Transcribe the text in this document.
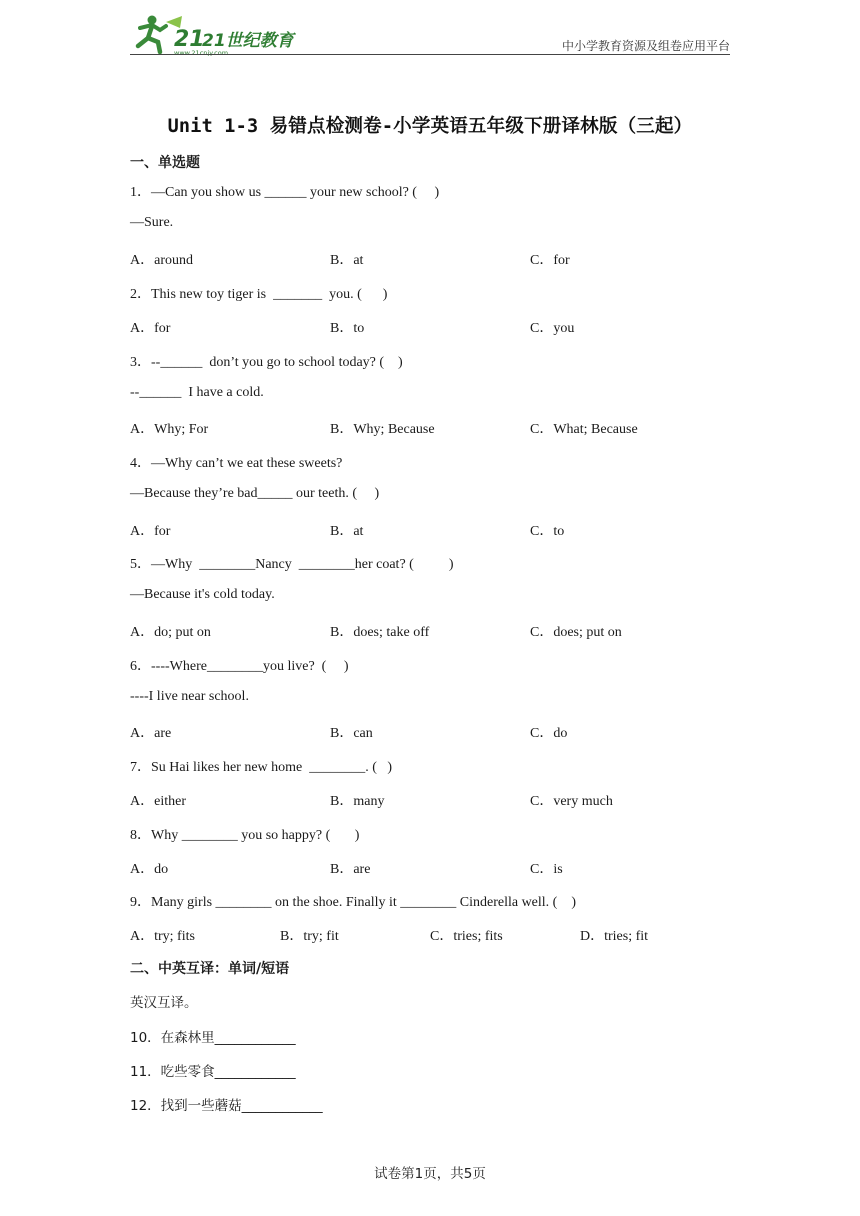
21
www.21cnjy.com
21世纪教育	中小学教育资源及组卷应用平台
Unit 1-3 易错点检测卷-小学英语五年级下册译林版（三起）
一、单选题
1．—Can you show us ______ your new school? (     )
—Sure.
A．around	B．at	C．for
2．This new toy tiger is  _______  you. (      )
A．for	B．to	C．you
3．--______  don’t you go to school today? (    )
--______  I have a cold.
A．Why; For	B．Why; Because	C．What; Because
4．—Why can’t we eat these sweets?
—Because they’re bad_____ our teeth. (     )
A．for	B．at	C．to
5．—Why  ________Nancy  ________her coat? (          )
—Because it's cold today.
A．do; put on	B．does; take off	C．does; put on
6．----Where________you live?  (     )
----I live near school.
A．are	B．can	C．do
7．Su Hai likes her new home  ________. (   )
A．either	B．many	C．very much
8．Why ________ you so happy? (       )
A．do	B．are	C．is
9．Many girls ________ on the shoe. Finally it ________ Cinderella well. (    )
A．try; fits	B．try; fit	C．tries; fits	D．tries; fit
二、中英互译：单词/短语
英汉互译。
10．在森林里____________
11．吃些零食____________
12．找到一些蘑菇____________
试卷第1页，共5页
